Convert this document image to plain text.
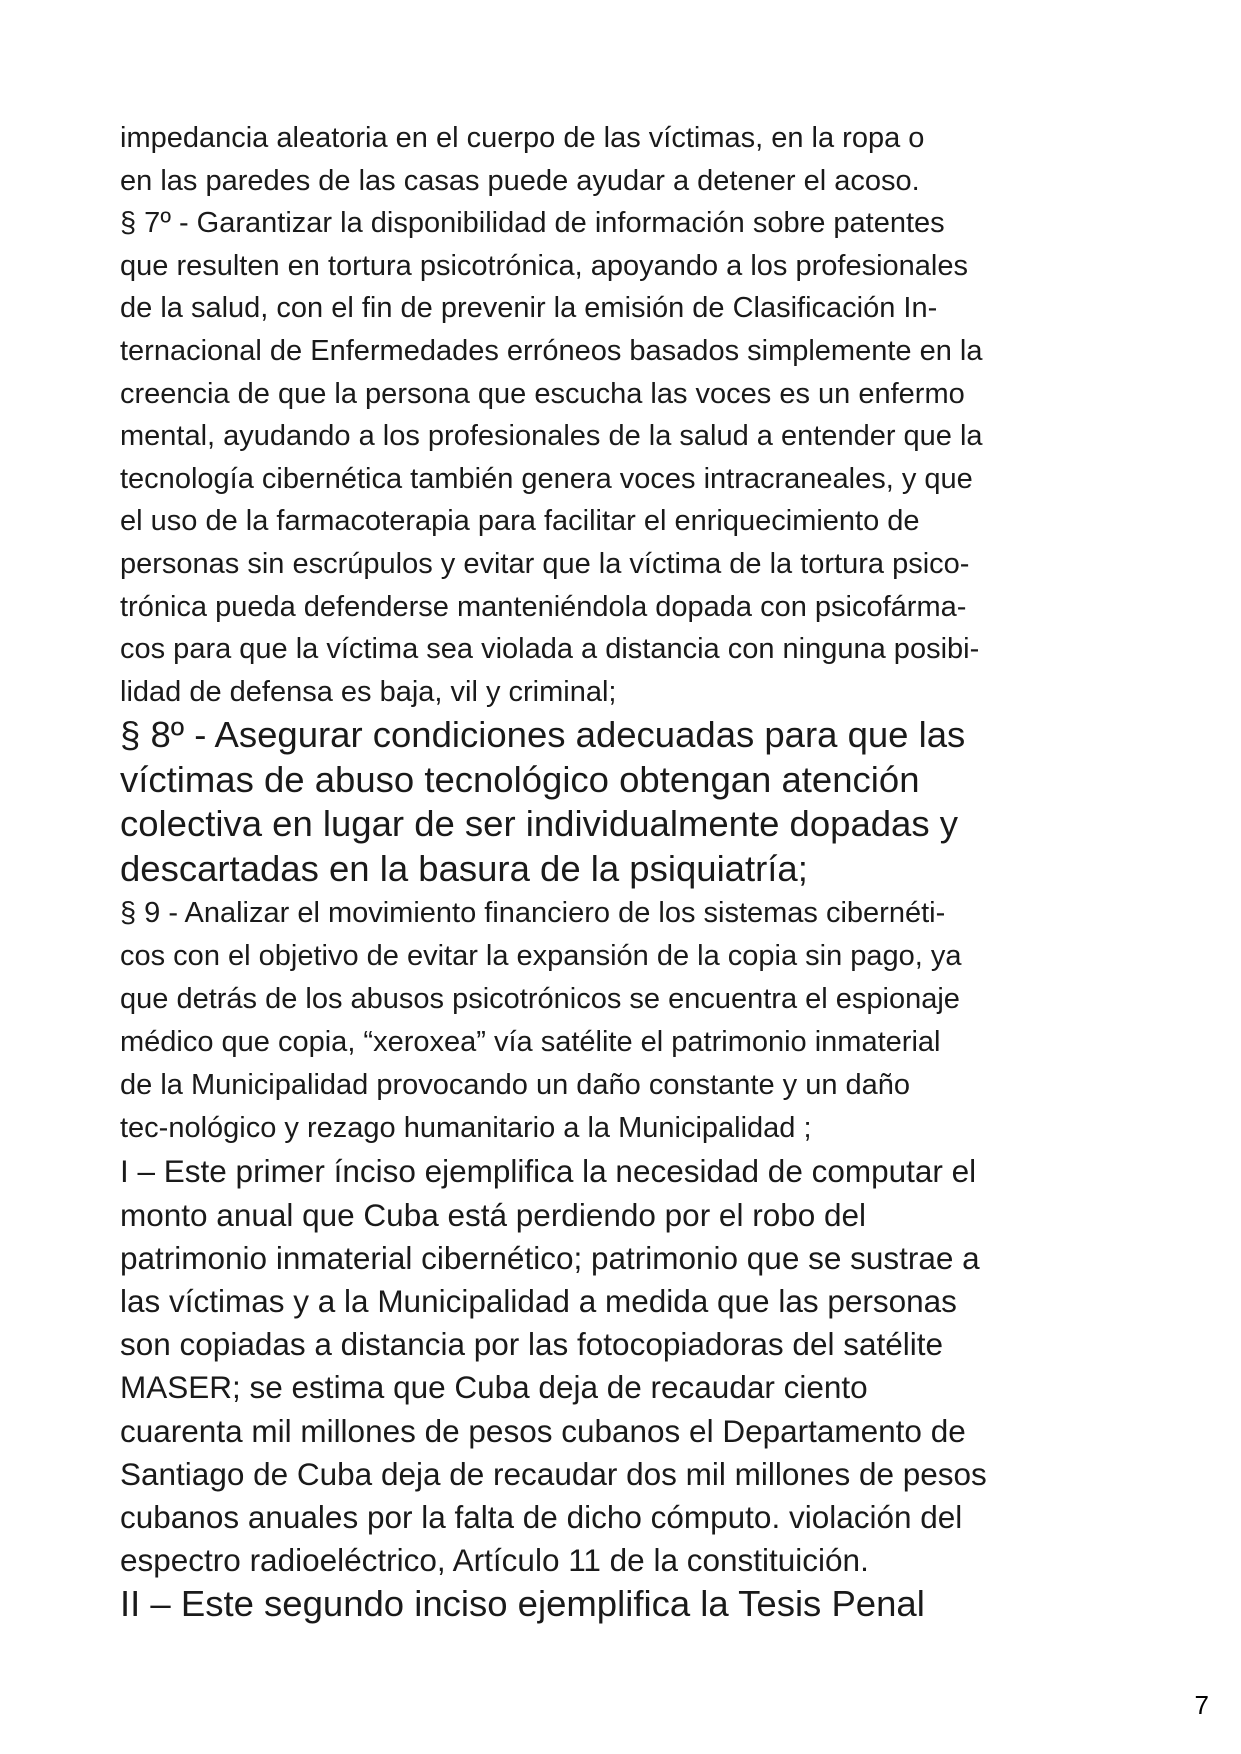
impedancia aleatoria en el cuerpo de las víctimas, en la ropa o
en las paredes de las casas puede ayudar a detener el acoso.
§ 7º - Garantizar la disponibilidad de información sobre patentes
que resulten en tortura psicotrónica, apoyando a los profesionales
de la salud, con el fin de prevenir la emisión de Clasificación In-
ternacional de Enfermedades erróneos basados simplemente en la
creencia de que la persona que escucha las voces es un enfermo
mental, ayudando a los profesionales de la salud a entender que la
tecnología cibernética también genera voces intracraneales, y que
el uso de la farmacoterapia para facilitar el enriquecimiento de
personas sin escrúpulos y evitar que la víctima de la tortura psico-
trónica pueda defenderse manteniéndola dopada con psicofárma-
cos para que la víctima sea violada a distancia con ninguna posibi-
lidad de defensa es baja, vil y criminal;
§ 8º - Asegurar condiciones adecuadas para que las
víctimas de abuso tecnológico obtengan atención
colectiva en lugar de ser individualmente dopadas y
descartadas en la basura de la psiquiatría;
§ 9 - Analizar el movimiento financiero de los sistemas cibernéti-
cos con el objetivo de evitar la expansión de la copia sin pago, ya
que detrás de los abusos psicotrónicos se encuentra el espionaje
médico que copia, “xeroxea” vía satélite el patrimonio inmaterial
de la Municipalidad provocando un daño constante y un daño
tec-nológico y rezago humanitario a la Municipalidad ;
I – Este primer ínciso ejemplifica la necesidad de computar el
monto anual que Cuba está perdiendo por el robo del
patrimonio inmaterial cibernético; patrimonio que se sustrae a
las víctimas y a la Municipalidad a medida que las personas
son copiadas a distancia por las fotocopiadoras del satélite
MASER; se estima que Cuba deja de recaudar ciento
cuarenta mil millones de pesos cubanos el Departamento de
Santiago de Cuba deja de recaudar dos mil millones de pesos
cubanos anuales por la falta de dicho cómputo. violación del
espectro radioeléctrico, Artículo 11 de la constituición.
II – Este segundo inciso ejemplifica la Tesis Penal
7
